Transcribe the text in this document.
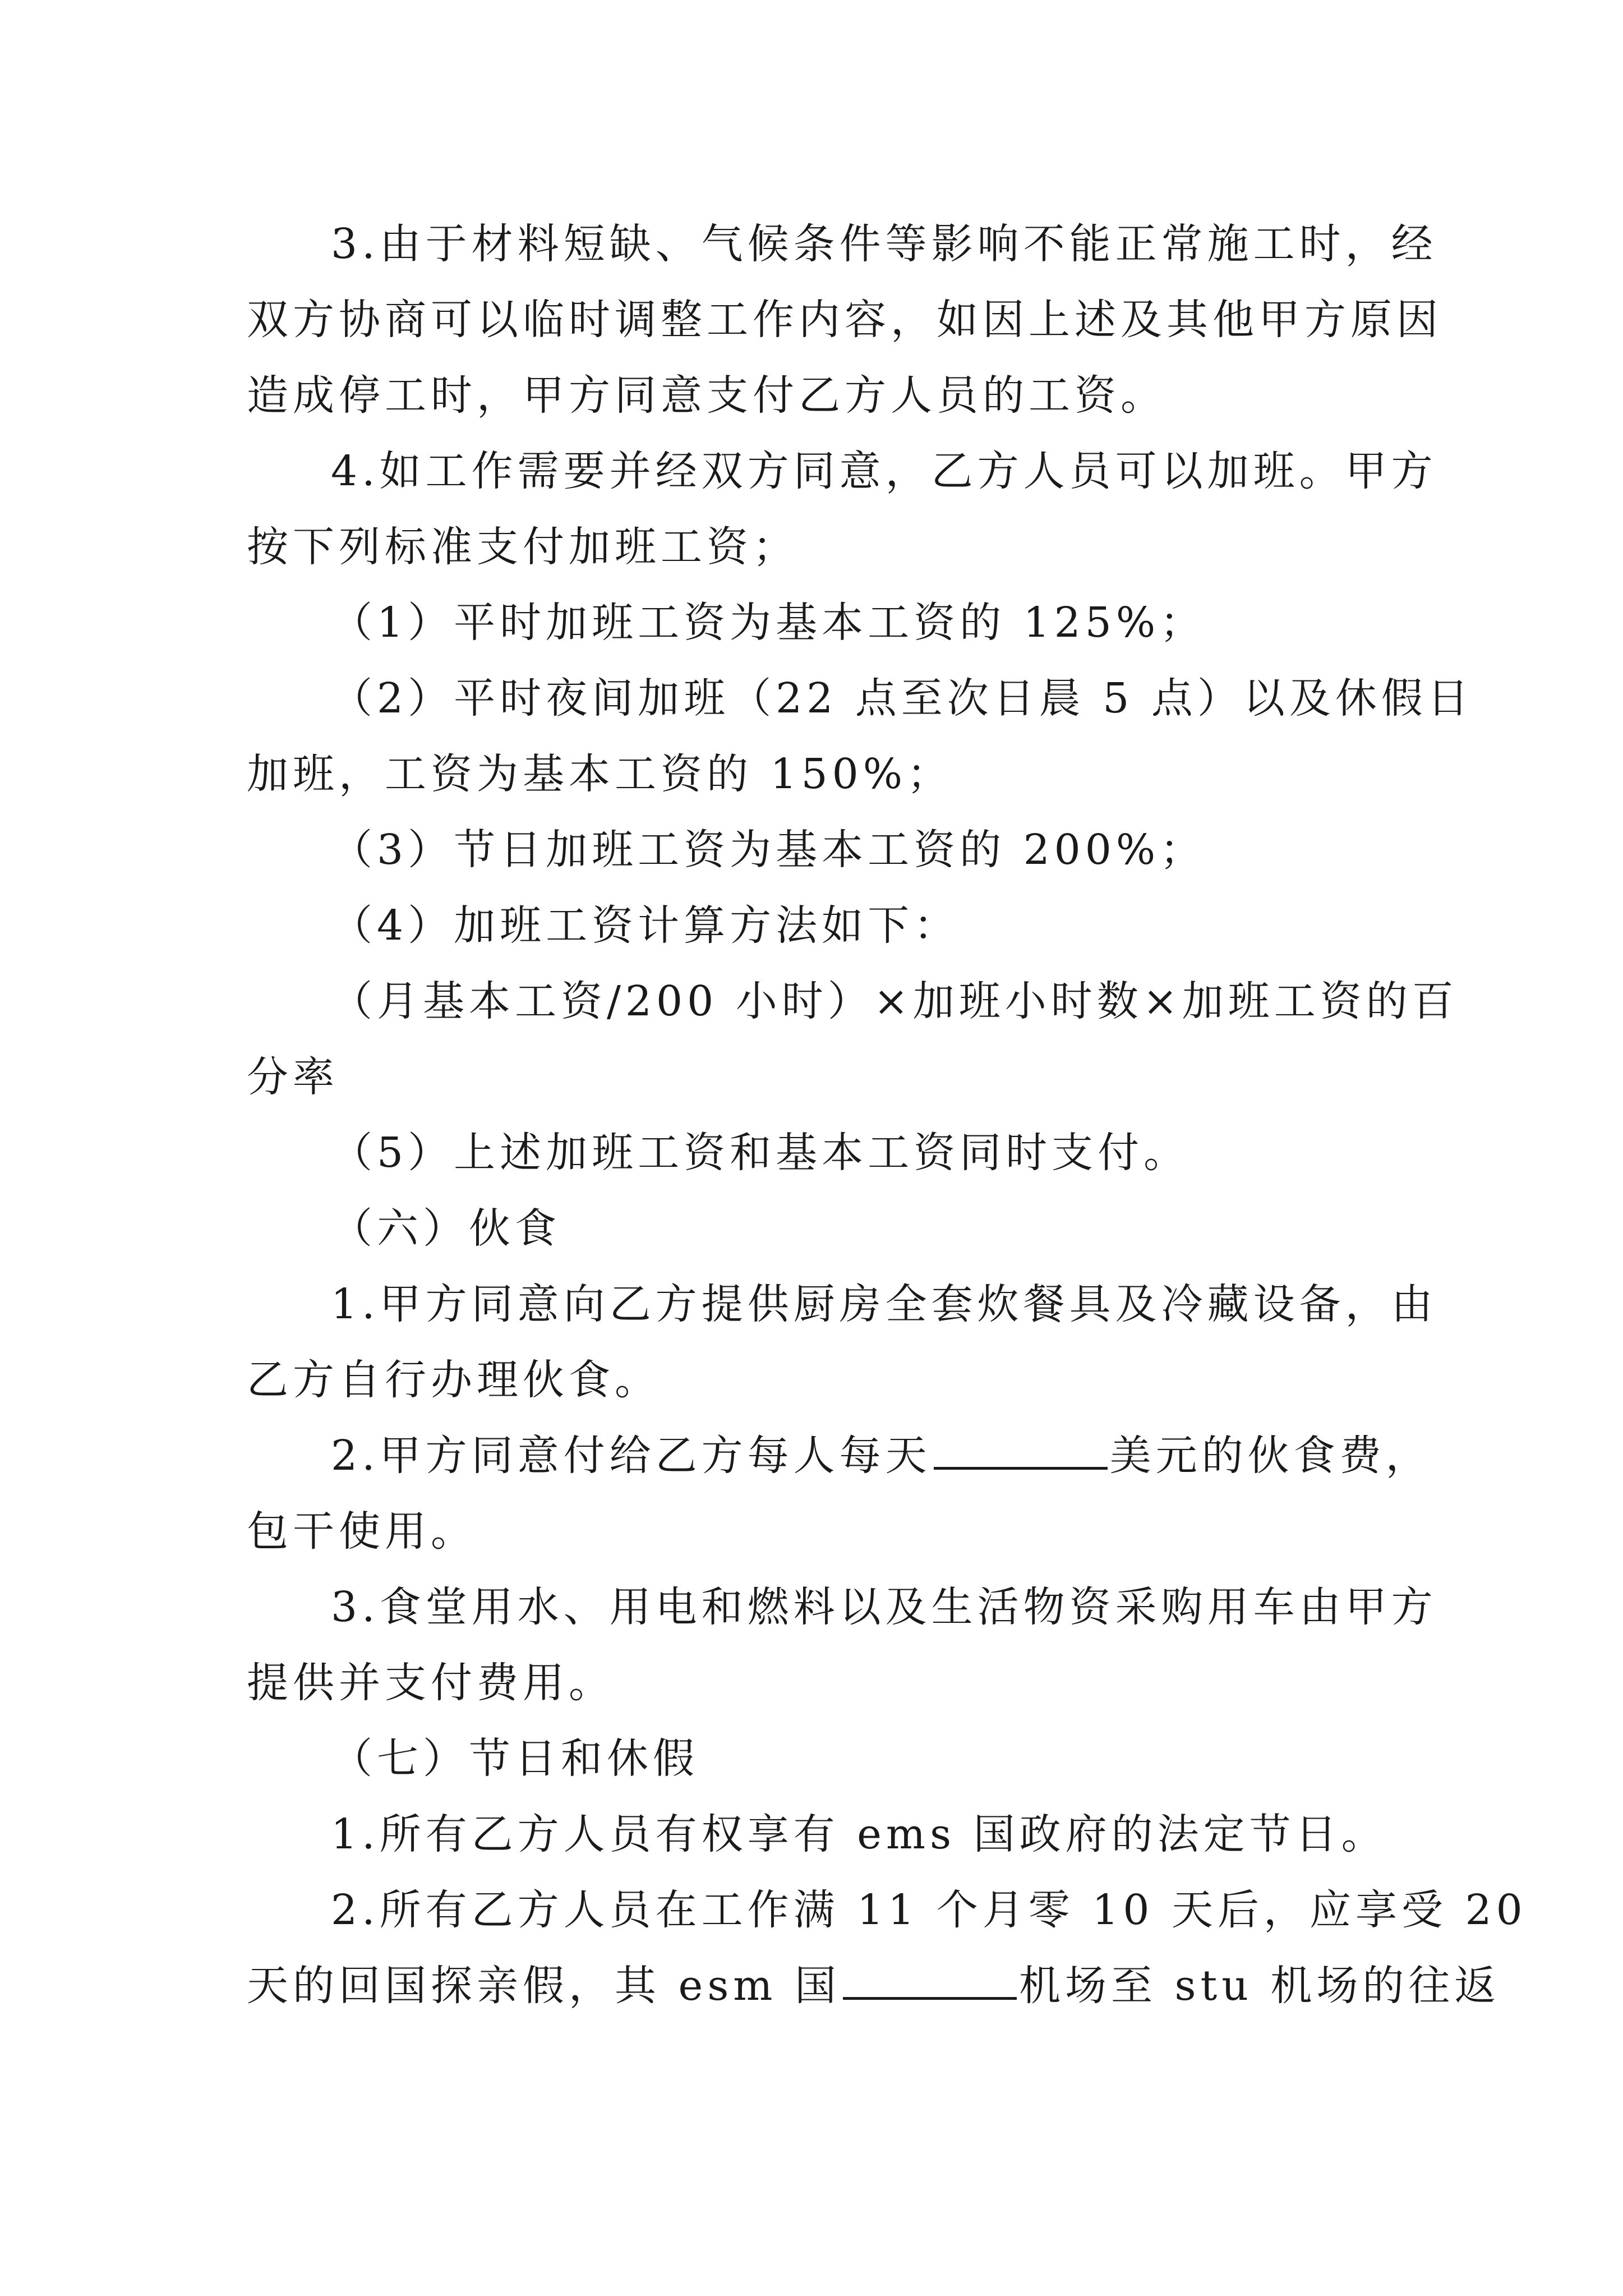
3.由于材料短缺、气候条件等影响不能正常施工时，经
双方协商可以临时调整工作内容，如因上述及其他甲方原因
造成停工时，甲方同意支付乙方人员的工资。
4.如工作需要并经双方同意，乙方人员可以加班。甲方
按下列标准支付加班工资；
（1）平时加班工资为基本工资的 125%；
（2）平时夜间加班（22 点至次日晨 5 点）以及休假日
加班，工资为基本工资的 150%；
（3）节日加班工资为基本工资的 200%；
（4）加班工资计算方法如下：
（月基本工资/200 小时）×加班小时数×加班工资的百
分率
（5）上述加班工资和基本工资同时支付。
（六）伙食
1.甲方同意向乙方提供厨房全套炊餐具及冷藏设备，由
乙方自行办理伙食。
2.甲方同意付给乙方每人每天	美元的伙食费，
包干使用。
3.食堂用水、用电和燃料以及生活物资采购用车由甲方
提供并支付费用。
（七）节日和休假
1.所有乙方人员有权享有 ems 国政府的法定节日。
2.所有乙方人员在工作满 11 个月零 10 天后，应享受 20
天的回国探亲假，其 esm 国	机场至 stu 机场的往返
